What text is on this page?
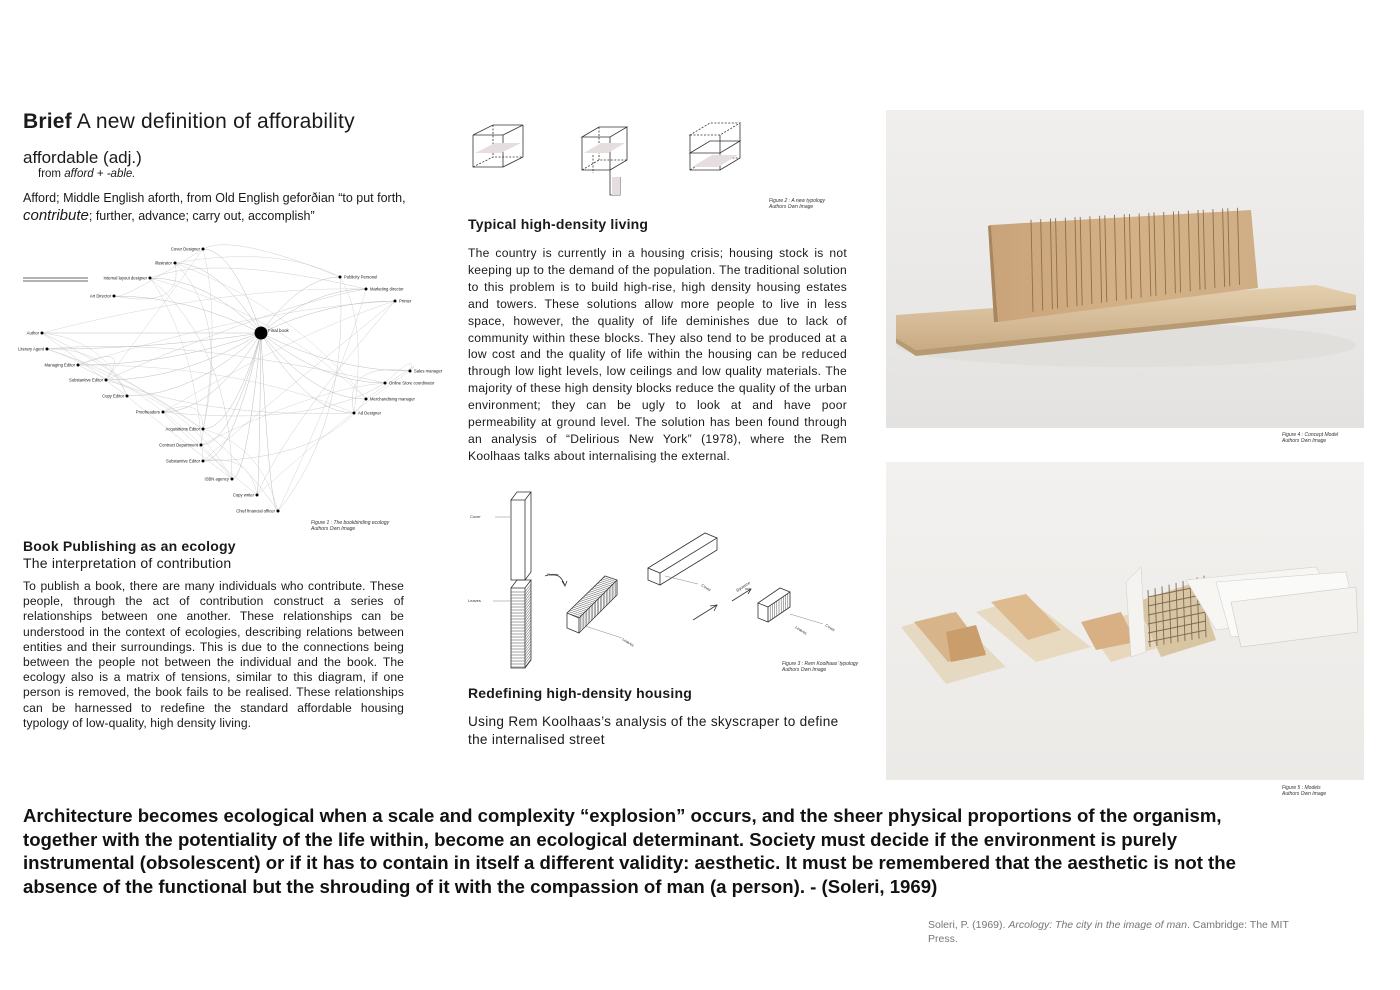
Brief A new definition of afforability
affordable (adj.)
from afford + -able.
Afford; Middle English aforth, from Old English geforðian “to put forth, contribute; further, advance; carry out, accomplish”
Cover Designer
Illustrator
Internal layout designer
Art Director
Author
Literary Agent
Managing Editor
Substantive Editor
Copy Editor
Proofreaders
Acquisitions Editor
Contract Department
Substantive Editor
ISBN agency
Copy writer
Chief financial officer
Publicity Personel
Marketing director
Printer
Sales manager
Online Store coordinator
Merchandising manager
Ad Designer
Final book
Figure 1 : The bookbinding ecology
Authors Own Image
Book Publishing as an ecology
The interpretation of contribution
To publish a book, there are many individuals who contribute. These people, through the act of contribution construct a series of relationships between one another. These relationships can be understood in the context of ecologies, describing relations between entities and their surroundings. This is due to the connections being between the people not between the individual and the book. The ecology also is a matrix of tensions, similar to this diagram, if one person is removed, the book fails to be realised. These relationships can be harnessed to redefine the standard affordable housing typology of low-quality, high density living.
Figure 2 : A new typology
Authors Own Image
Typical high-density living
The country is currently in a housing crisis; housing stock is not keeping up to the demand of the population. The traditional solution to this problem is to build high-rise, high density housing estates and towers. These solutions allow more people to live in less space, however, the quality of life deminishes due to lack of community within these blocks. They also tend to be produced at a low cost and the quality of life within the housing can be reduced through low light levels, low ceilings and low quality materials. The majority of these high density blocks reduce the quality of the urban environment; they can be ugly to look at and have poor permeability at ground level. The solution has been found through an analysis of “Delirious New York” (1978), where the Rem Koolhaas talks about internalising the external.
Cover
Leaves
Rotate
Squeeze
Cover
Leaves
Cover
Leaves
Figure 3 : Rem Koolhaas’ typology
Authors Own Image
Redefining high-density housing
Using Rem Koolhaas’s analysis of the skyscraper to define the internalised street
Figure 4 : Concept Model
Authors Own Image
Figure 5 : Models
Authors Own Image
Architecture becomes ecological when a scale and complexity “explosion” occurs, and the sheer physical proportions of the organism, together with the potentiality of the life within, become an ecological determinant. Society must decide if the environment is purely instrumental (obsolescent) or if it has to contain in itself a different validity: aesthetic. It must be remembered that the aesthetic is not the absence of the functional but the shrouding of it with the compassion of man (a person). - (Soleri, 1969)
Soleri, P. (1969). Arcology: The city in the image of man. Cambridge: The MIT Press.
